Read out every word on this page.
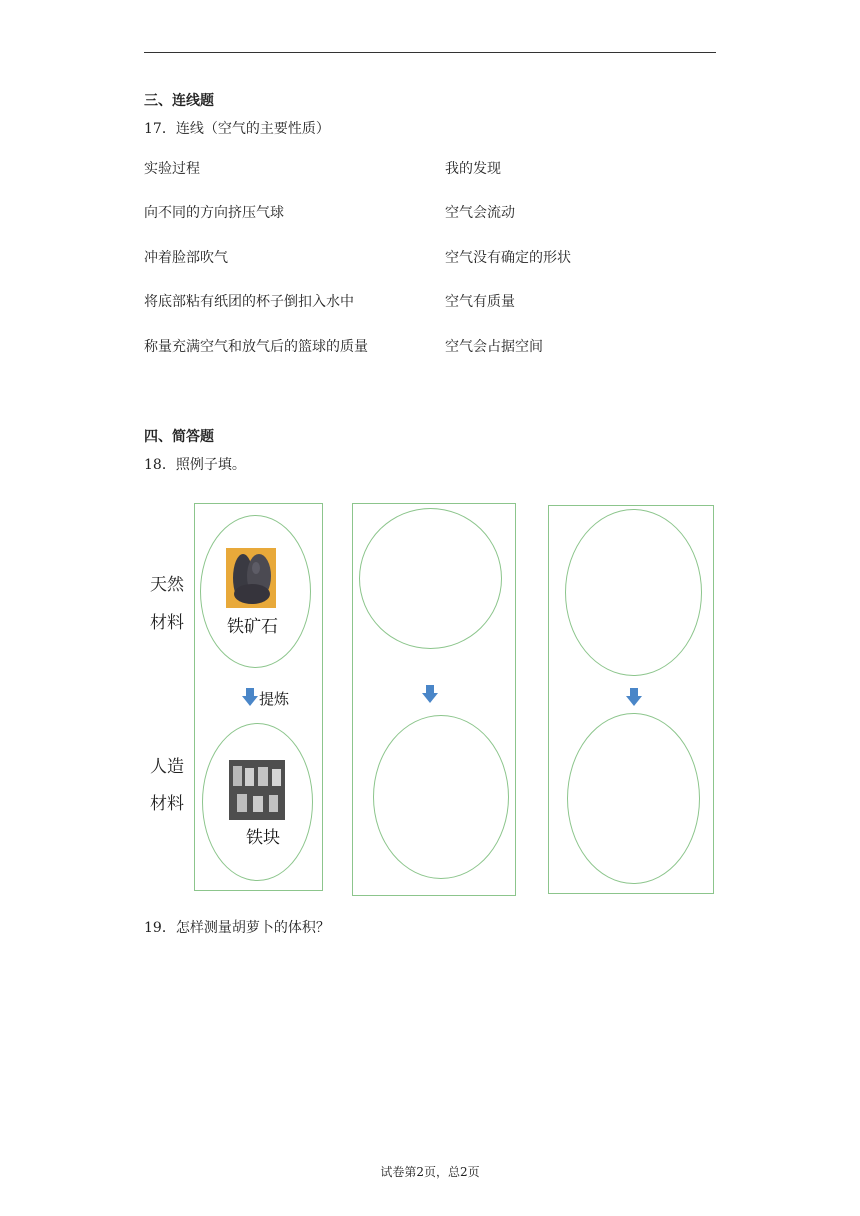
三、连线题
17．连线（空气的主要性质）
实验过程	我的发现
向不同的方向挤压气球
冲着脸部吹气
将底部粘有纸团的杯子倒扣入水中
称量充满空气和放气后的篮球的质量
空气会流动
空气没有确定的形状
空气有质量
空气会占据空间
四、简答题
18．照例子填。
天然
材料
人造
材料
铁矿石
提炼
铁块
19．怎样测量胡萝卜的体积？
试卷第2页，总2页
